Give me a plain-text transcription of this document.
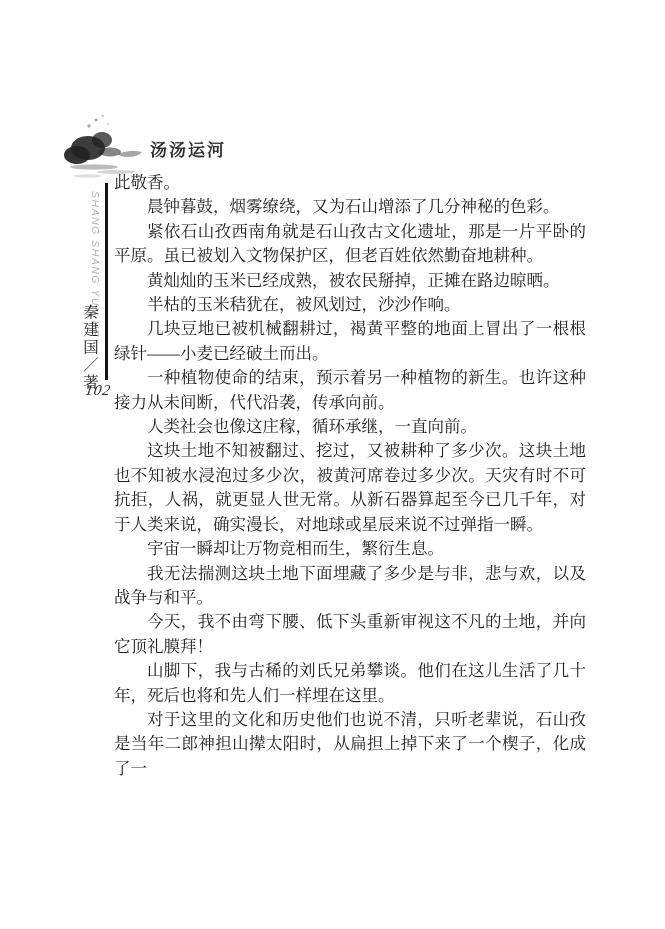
汤汤运河
SHANG SHANG YUN HE
秦建国／著
102

此敬香。

晨钟暮鼓，烟雾缭绕，又为石山增添了几分神秘的色彩。

紧依石山孜西南角就是石山孜古文化遗址，那是一片平卧的平原。虽已被划入文物保护区，但老百姓依然勤奋地耕种。

黄灿灿的玉米已经成熟，被农民掰掉，正摊在路边晾晒。

半枯的玉米秸犹在，被风划过，沙沙作响。

几块豆地已被机械翻耕过，褐黄平整的地面上冒出了一根根绿针——小麦已经破土而出。

一种植物使命的结束，预示着另一种植物的新生。也许这种接力从未间断，代代沿袭，传承向前。

人类社会也像这庄稼，循环承继，一直向前。

这块土地不知被翻过、挖过，又被耕种了多少次。这块土地也不知被水浸泡过多少次，被黄河席卷过多少次。天灾有时不可抗拒，人祸，就更显人世无常。从新石器算起至今已几千年，对于人类来说，确实漫长，对地球或星辰来说不过弹指一瞬。

宇宙一瞬却让万物竞相而生，繁衍生息。

我无法揣测这块土地下面埋藏了多少是与非，悲与欢，以及战争与和平。

今天，我不由弯下腰、低下头重新审视这不凡的土地，并向它顶礼膜拜！

山脚下，我与古稀的刘氏兄弟攀谈。他们在这儿生活了几十年，死后也将和先人们一样埋在这里。

对于这里的文化和历史他们也说不清，只听老辈说，石山孜是当年二郎神担山撵太阳时，从扁担上掉下来了一个楔子，化成了一
